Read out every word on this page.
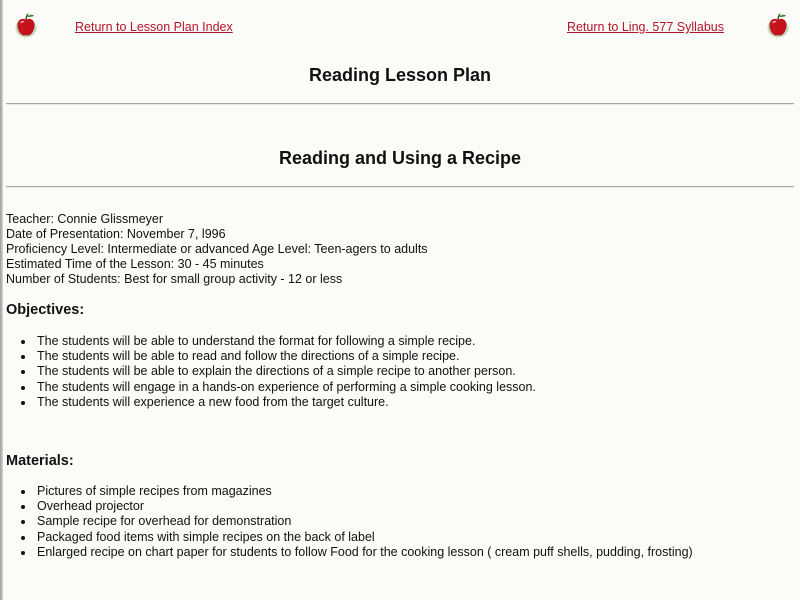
Return to Lesson Plan Index	Return to Ling. 577 Syllabus
Reading Lesson Plan
Reading and Using a Recipe
Teacher: Connie Glissmeyer
Date of Presentation: November 7, l996
Proficiency Level: Intermediate or advanced Age Level: Teen-agers to adults
Estimated Time of the Lesson: 30 - 45 minutes
Number of Students: Best for small group activity - 12 or less
Objectives:
The students will be able to understand the format for following a simple recipe.
The students will be able to read and follow the directions of a simple recipe.
The students will be able to explain the directions of a simple recipe to another person.
The students will engage in a hands-on experience of performing a simple cooking lesson.
The students will experience a new food from the target culture.
Materials:
Pictures of simple recipes from magazines
Overhead projector
Sample recipe for overhead for demonstration
Packaged food items with simple recipes on the back of label
Enlarged recipe on chart paper for students to follow Food for the cooking lesson ( cream puff shells, pudding, frosting)
